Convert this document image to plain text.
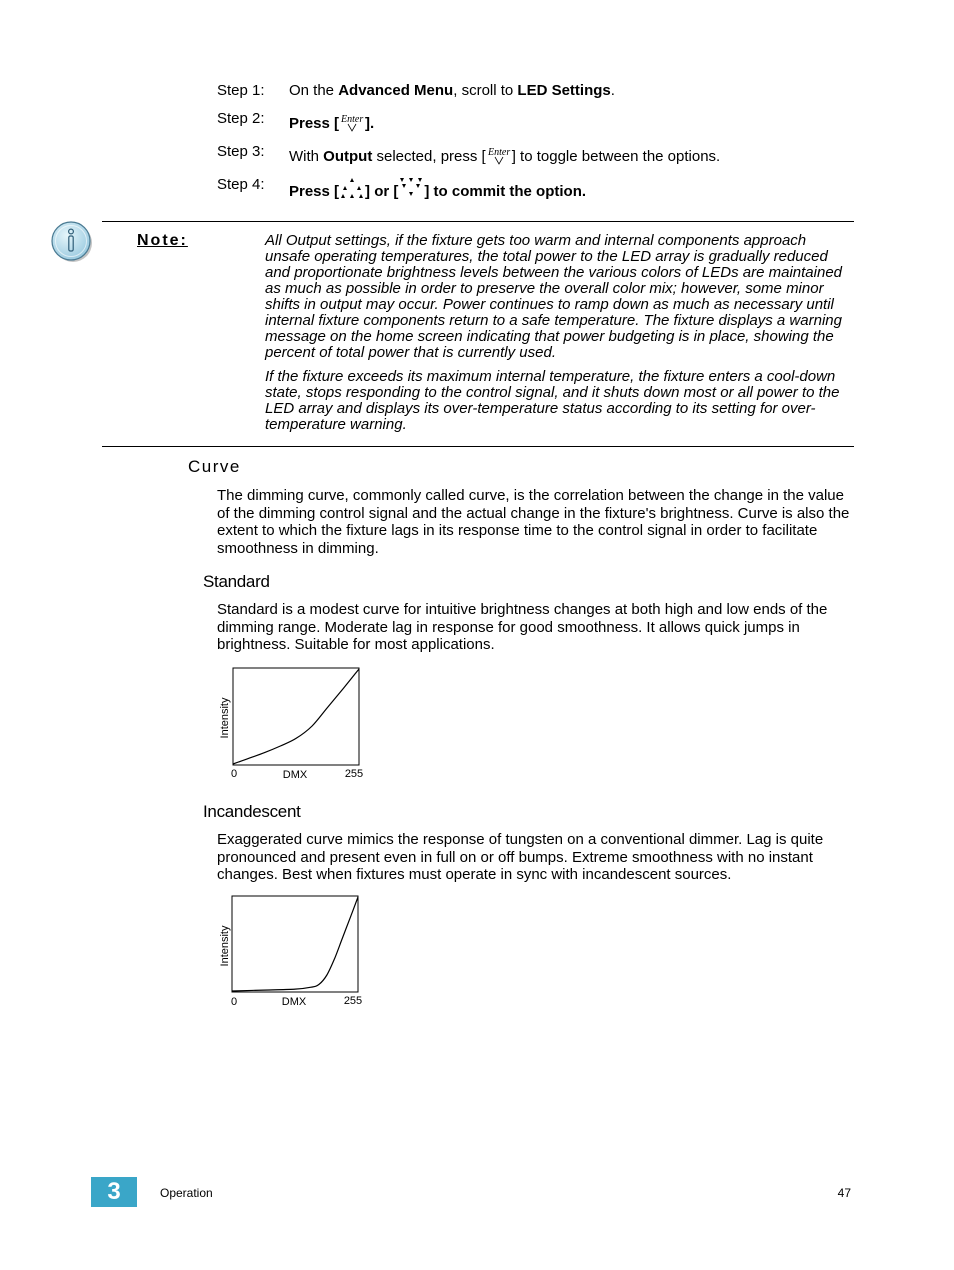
Step 1: On the Advanced Menu, scroll to LED Settings.
Step 2: Press [ Enter ].
Step 3: With Output selected, press [ Enter ] to toggle between the options.
Step 4: Press [ ] or [ ] to commit the option.
Note:	All Output settings, if the fixture gets too warm and internal components approach unsafe operating temperatures, the total power to the LED array is gradually reduced and proportionate brightness levels between the various colors of LEDs are maintained as much as possible in order to preserve the overall color mix; however, some minor shifts in output may occur. Power continues to ramp down as much as necessary until internal fixture components return to a safe temperature. The fixture displays a warning message on the home screen indicating that power budgeting is in place, showing the percent of total power that is currently used.
If the fixture exceeds its maximum internal temperature, the fixture enters a cool-down state, stops responding to the control signal, and it shuts down most or all power to the LED array and displays its over-temperature status according to its setting for over-temperature warning.
Curve
The dimming curve, commonly called curve, is the correlation between the change in the value of the dimming control signal and the actual change in the fixture's brightness. Curve is also the extent to which the fixture lags in its response time to the control signal in order to facilitate smoothness in dimming.
Standard
Standard is a modest curve for intuitive brightness changes at both high and low ends of the dimming range. Moderate lag in response for good smoothness. It allows quick jumps in brightness. Suitable for most applications.
Intensity
0	DMX	255
Incandescent
Exaggerated curve mimics the response of tungsten on a conventional dimmer. Lag is quite pronounced and present even in full on or off bumps. Extreme smoothness with no instant changes. Best when fixtures must operate in sync with incandescent sources.
Intensity
0	DMX	255
3	Operation	47
